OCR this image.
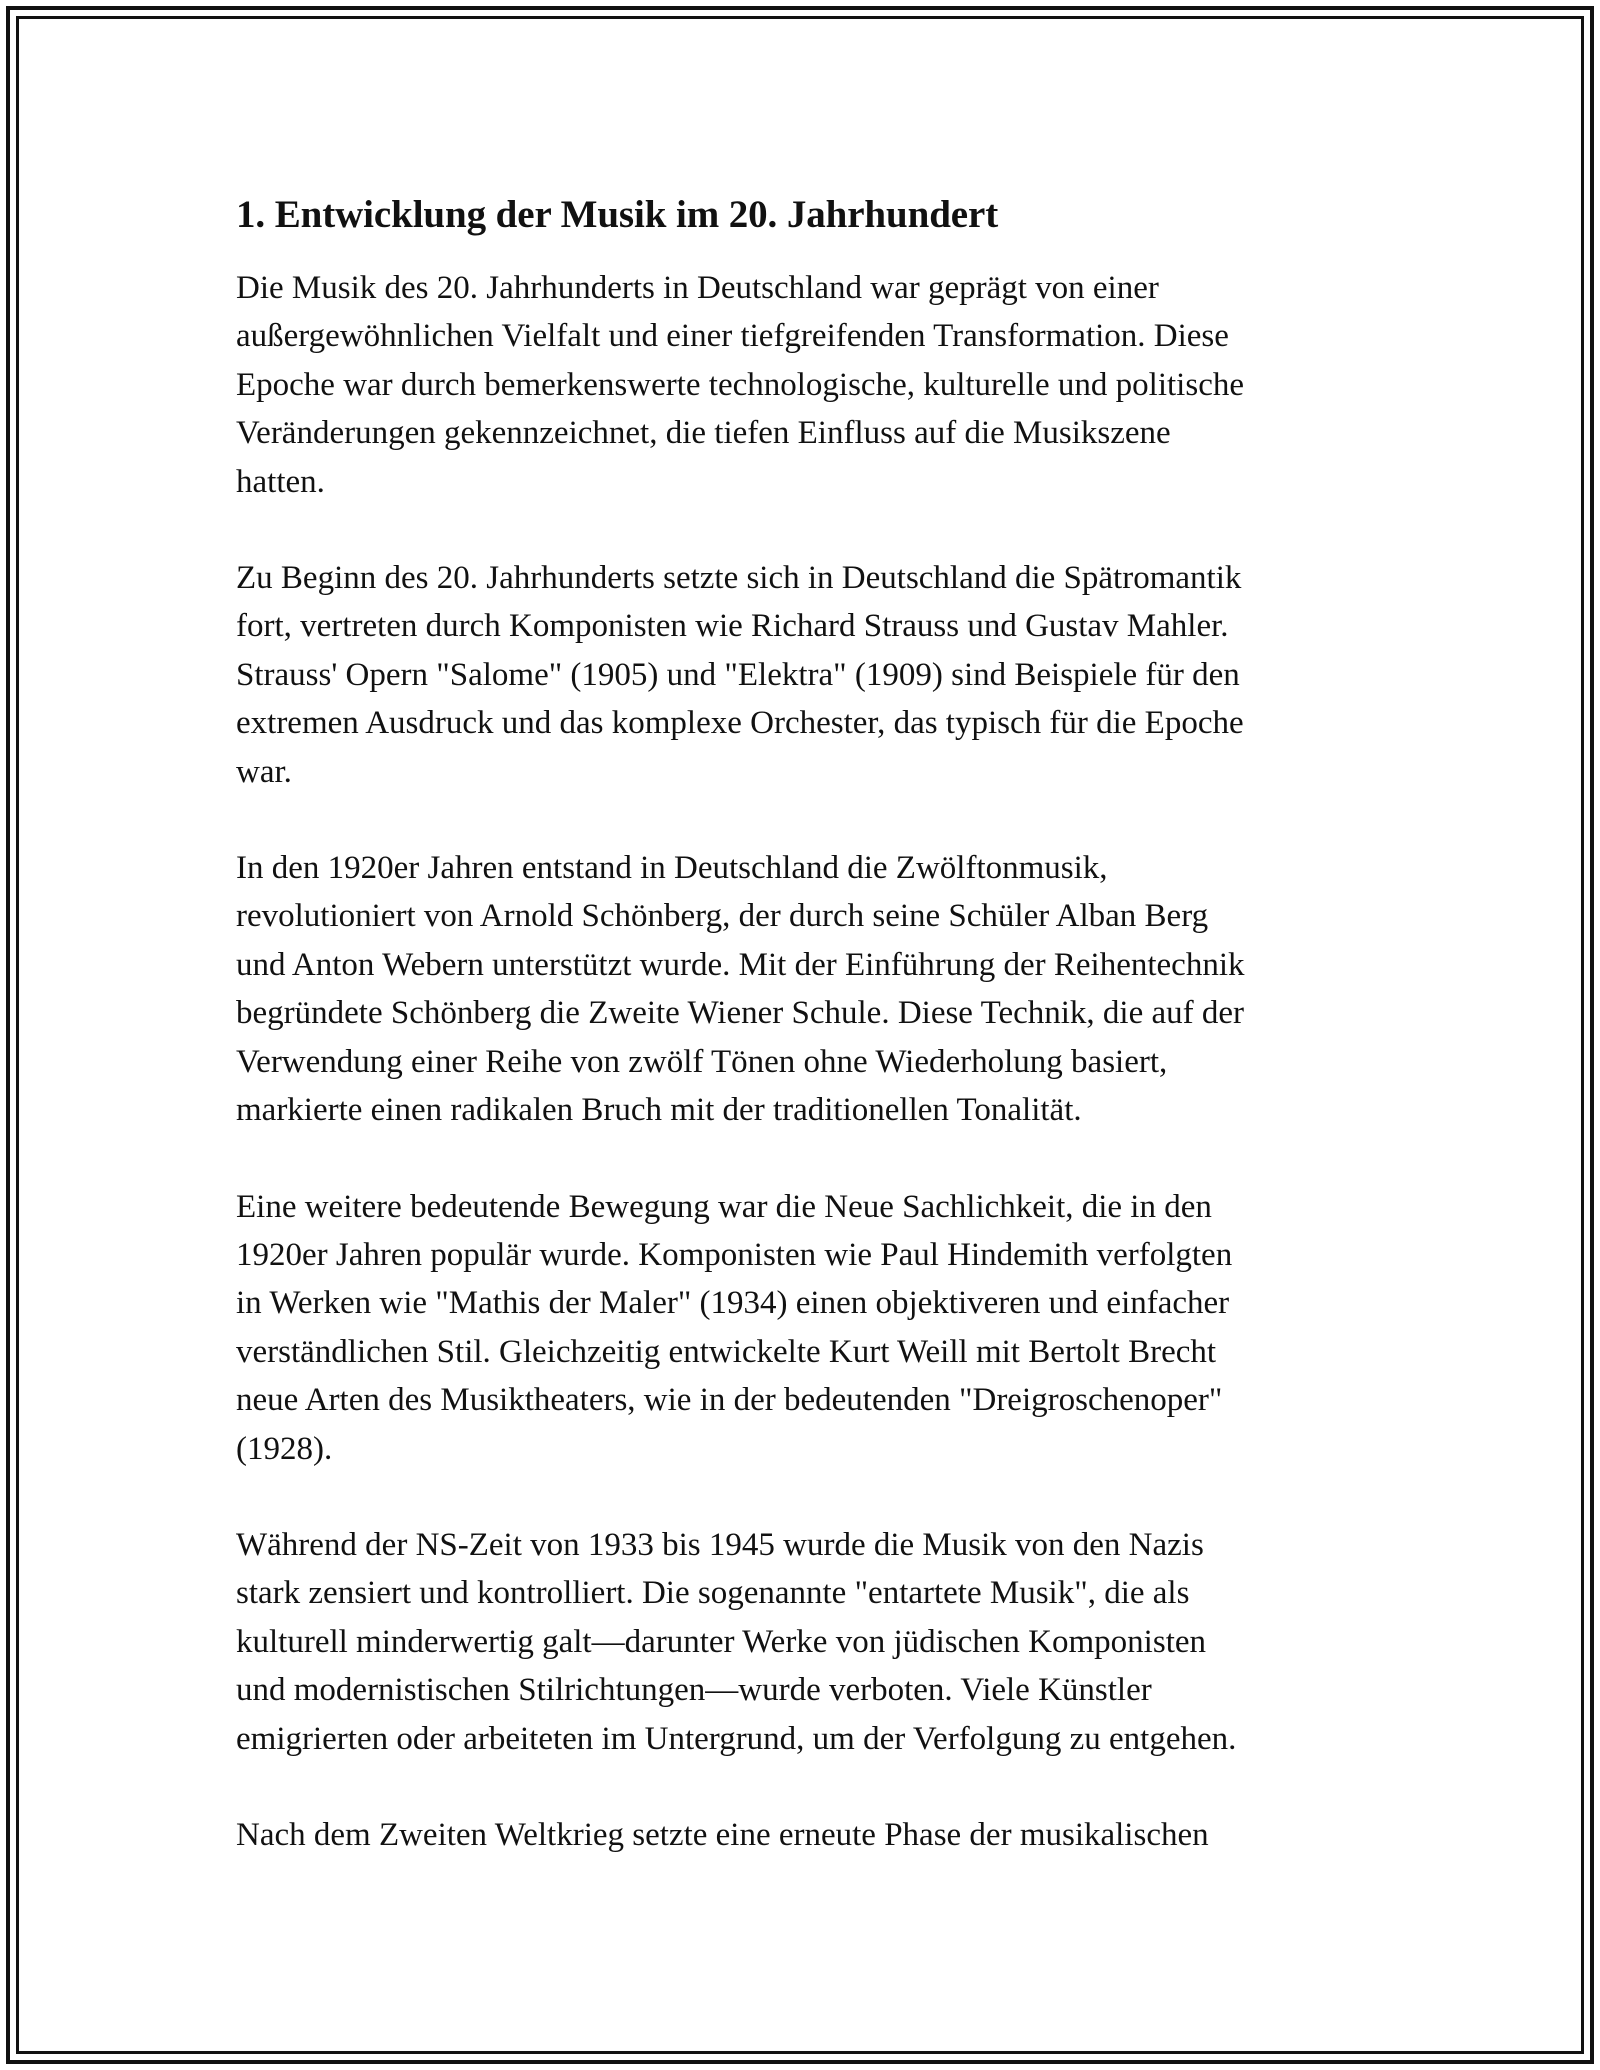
1. Entwicklung der Musik im 20. Jahrhundert

Die Musik des 20. Jahrhunderts in Deutschland war geprägt von einer
außergewöhnlichen Vielfalt und einer tiefgreifenden Transformation. Diese
Epoche war durch bemerkenswerte technologische, kulturelle und politische
Veränderungen gekennzeichnet, die tiefen Einfluss auf die Musikszene
hatten.

Zu Beginn des 20. Jahrhunderts setzte sich in Deutschland die Spätromantik
fort, vertreten durch Komponisten wie Richard Strauss und Gustav Mahler.
Strauss' Opern "Salome" (1905) und "Elektra" (1909) sind Beispiele für den
extremen Ausdruck und das komplexe Orchester, das typisch für die Epoche
war.

In den 1920er Jahren entstand in Deutschland die Zwölftonmusik,
revolutioniert von Arnold Schönberg, der durch seine Schüler Alban Berg
und Anton Webern unterstützt wurde. Mit der Einführung der Reihentechnik
begründete Schönberg die Zweite Wiener Schule. Diese Technik, die auf der
Verwendung einer Reihe von zwölf Tönen ohne Wiederholung basiert,
markierte einen radikalen Bruch mit der traditionellen Tonalität.

Eine weitere bedeutende Bewegung war die Neue Sachlichkeit, die in den
1920er Jahren populär wurde. Komponisten wie Paul Hindemith verfolgten
in Werken wie "Mathis der Maler" (1934) einen objektiveren und einfacher
verständlichen Stil. Gleichzeitig entwickelte Kurt Weill mit Bertolt Brecht
neue Arten des Musiktheaters, wie in der bedeutenden "Dreigroschenoper"
(1928).

Während der NS-Zeit von 1933 bis 1945 wurde die Musik von den Nazis
stark zensiert und kontrolliert. Die sogenannte "entartete Musik", die als
kulturell minderwertig galt—darunter Werke von jüdischen Komponisten
und modernistischen Stilrichtungen—wurde verboten. Viele Künstler
emigrierten oder arbeiteten im Untergrund, um der Verfolgung zu entgehen.

Nach dem Zweiten Weltkrieg setzte eine erneute Phase der musikalischen
